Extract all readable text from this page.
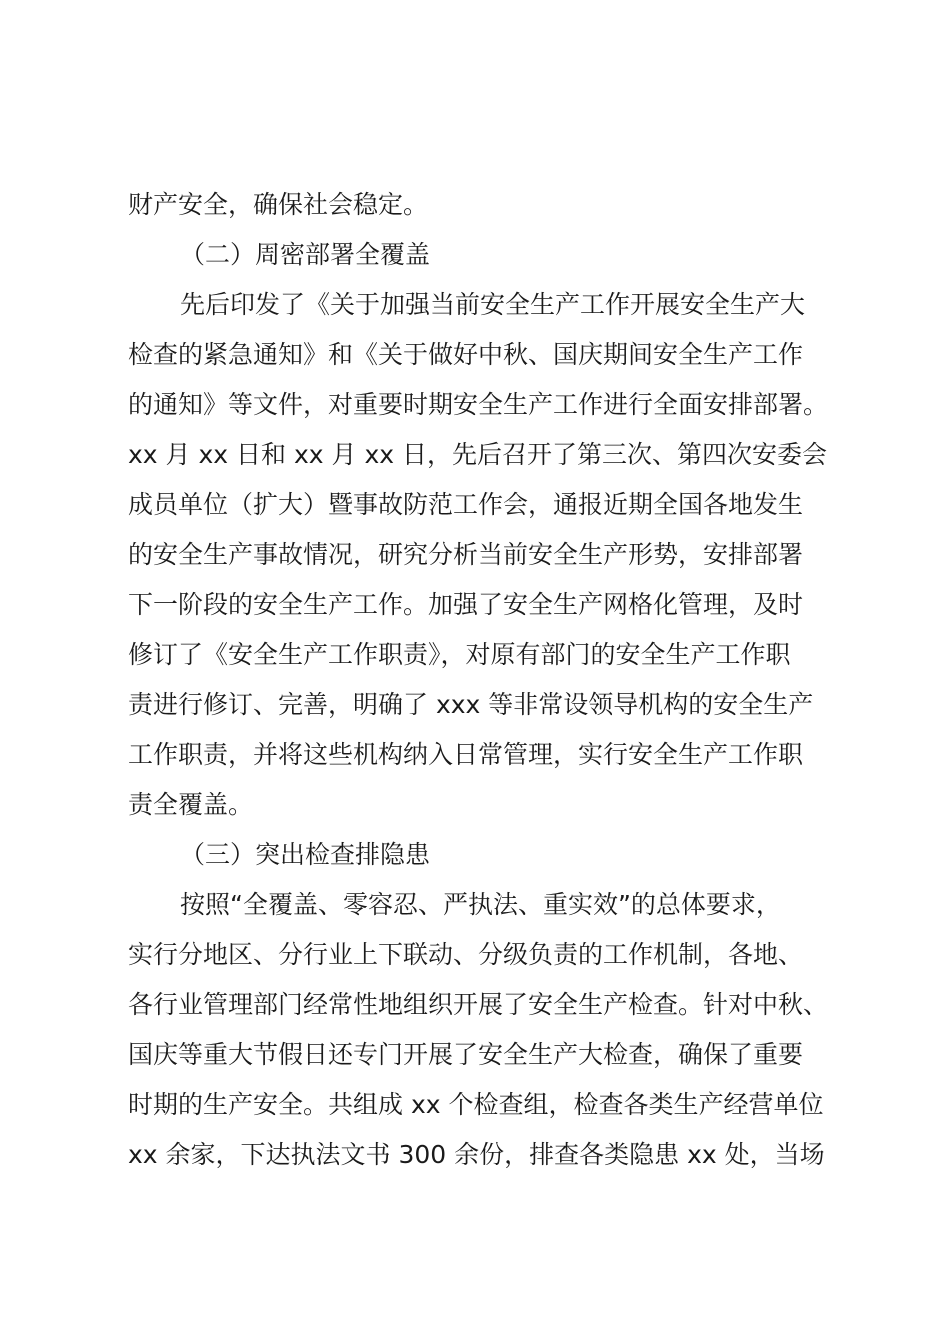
财产安全，确保社会稳定。
（二）周密部署全覆盖
先后印发了《关于加强当前安全生产工作开展安全生产大
检查的紧急通知》和《关于做好中秋、国庆期间安全生产工作
的通知》等文件，对重要时期安全生产工作进行全面安排部署。
xx 月 xx 日和 xx 月 xx 日，先后召开了第三次、第四次安委会
成员单位（扩大）暨事故防范工作会，通报近期全国各地发生
的安全生产事故情况，研究分析当前安全生产形势，安排部署
下一阶段的安全生产工作。加强了安全生产网格化管理，及时
修订了《安全生产工作职责》，对原有部门的安全生产工作职
责进行修订、完善，明确了 xxx 等非常设领导机构的安全生产
工作职责，并将这些机构纳入日常管理，实行安全生产工作职
责全覆盖。
（三）突出检查排隐患
按照“全覆盖、零容忍、严执法、重实效”的总体要求，
实行分地区、分行业上下联动、分级负责的工作机制，各地、
各行业管理部门经常性地组织开展了安全生产检查。针对中秋、
国庆等重大节假日还专门开展了安全生产大检查，确保了重要
时期的生产安全。共组成 xx 个检查组，检查各类生产经营单位
xx 余家，下达执法文书 300 余份，排查各类隐患 xx 处，当场
